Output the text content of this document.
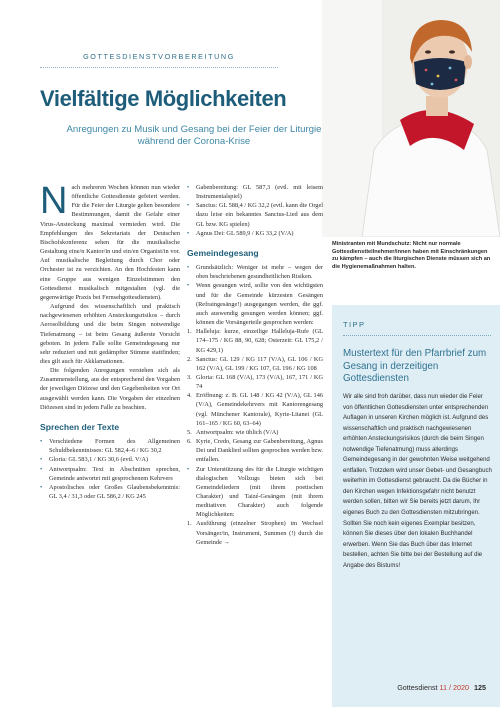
GOTTESDIENSTVORBEREITUNG
Ministranten mit Mundschutz: Nicht nur normale Gottesdienstteilnehmer/innen haben mit Einschränkungen zu kämpfen – auch die liturgischen Dienste müssen sich an die Hygienemaßnahmen halten.
Vielfältige Möglichkeiten
Anregungen zu Musik und Gesang bei der Feier der Liturgie während der Corona-Krise

Nach mehreren Wochen können nun wieder öffentliche Gottesdienste gefeiert werden. Für die Feier der Liturgie gelten besondere Bestimmungen, damit die Gefahr einer Virus-Ansteckung maximal vermieden wird. Die Empfehlungen des Sekretariats der Deutschen Bischofskonferenz sehen für die musikalische Gestaltung eine/n Kantor/in und ein/en Organist/in vor. Auf musikalische Begleitung durch Chor oder Orchester ist zu verzichten. An den Hochfesten kann eine Gruppe aus wenigen Einzelstimmen den Gottesdienst musikalisch mitgestalten (vgl. die gegenwärtige Praxis bei Fernsehgottesdiensten).

Aufgrund des wissenschaftlich und praktisch nachgewiesenen erhöhten Ansteckungsrisikos – durch Aerosolbildung und die beim Singen notwendige Tiefenatmung – ist beim Gesang äußerste Vorsicht geboten. In jedem Falle sollte Gemeindegesang nur sehr reduziert und mit gedämpfter Stimme stattfinden; dies gilt auch für Akklamationen.

Die folgenden Anregungen verstehen sich als Zusammenstellung, aus der entsprechend den Vorgaben der jeweiligen Diözese und den Gegebenheiten vor Ort ausgewählt werden kann. Die Vorgaben der einzelnen Diözesen sind in jedem Falle zu beachten.

Sprechen der Texte
• Verschiedene Formen des Allgemeinen Schuldbekenntnisses: GL 582,4–6 / KG 30,2
• Gloria: GL 583,1 / KG 30,6 (evtl. V/A)
• Antwortpsalm: Text in Abschnitten sprechen, Gemeinde antwortet mit gesprochenem Kehrvers
• Apostolisches oder Großes Glaubensbekenntnis: GL 3,4 / 31,3 oder GL 586,2 / KG 245
• Gabenbereitung: GL 587,3 (evtl. mit leisem Instrumentalspiel)
• Sanctus: GL 588,4 / KG 32,2 (evtl. kann die Orgel dazu leise ein bekanntes Sanctus-Lied aus dem GL bzw. KG spielen)
• Agnus Dei: GL 589,9 / KG 33,2 (V/A)
Gemeindegesang
• Grundsätzlich: Weniger ist mehr – wegen der oben beschriebenen gesundheitlichen Risiken.
• Wenn gesungen wird, sollte von den wichtigsten und für die Gemeinde kürzesten Gesängen (Refraingesänge!) ausgegangen werden, die ggf. auch auswendig gesungen werden können; ggf. können die Vorsängerteile gesprochen werden:
1. Halleluja: kurze, einzeilige Halleluja-Rufe (GL 174–175 / KG 88, 90, 628; Osterzeit: GL 175,2 / KG 429,1)
2. Sanctus: GL 129 / KG 117 (V/A), GL 106 / KG 162 (V/A), GL 199 / KG 107, GL 196 / KG 108
3. Gloria: GL 168 (V/A), 173 (V/A), 167, 171 / KG 74
4. Eröffnung: z. B. GL 148 / KG 42 (V/A), GL 146 (V/A), Gemeindekehrvers mit Kantorengesang (vgl. Münchener Kantorale), Kyrie-Litanei (GL 161–165 / KG 60, 63–64)
5. Antwortpsalm: wie üblich (V/A)
6. Kyrie, Credo, Gesang zur Gabenbereitung, Agnus Dei und Danklied sollten gesprochen werden bzw. entfallen.
• Zur Unterstützung des für die Liturgie wichtigen dialogischen Vollzugs bieten sich bei Gemeindeliedern (mit ihrem poetischen Charakter) und Taizé-Gesängen (mit ihrem meditativen Charakter) auch folgende Möglichkeiten:
1. Ausführung (einzelner Strophen) im Wechsel Vorsänger/in, Instrument, Summen (!) durch die Gemeinde →
TIPP
Mustertext für den Pfarrbrief zum Gesang in derzeitigen Gottesdiensten
Wir alle sind froh darüber, dass nun wieder die Feier von öffentlichen Gottesdiensten unter entsprechenden Auflagen in unseren Kirchen möglich ist. Aufgrund des wissenschaftlich und praktisch nachgewiesenen erhöhten Ansteckungsrisikos (durch die beim Singen notwendige Tiefenatmung) muss allerdings Gemeindegesang in der gewohnten Weise weitgehend entfallen. Trotzdem wird unser Gebet- und Gesangbuch weiterhin im Gottesdienst gebraucht. Da die Bücher in den Kirchen wegen Infektionsgefahr nicht benutzt werden sollen, bitten wir Sie bereits jetzt darum, Ihr eigenes Buch zu den Gottesdiensten mitzubringen. Sollten Sie noch kein eigenes Exemplar besitzen, können Sie dieses über den lokalen Buchhandel erwerben. Wenn Sie das Buch über das Internet bestellen, achten Sie bitte bei der Bestellung auf die Angabe des Bistums!
Gottesdienst 11 / 2020 125
